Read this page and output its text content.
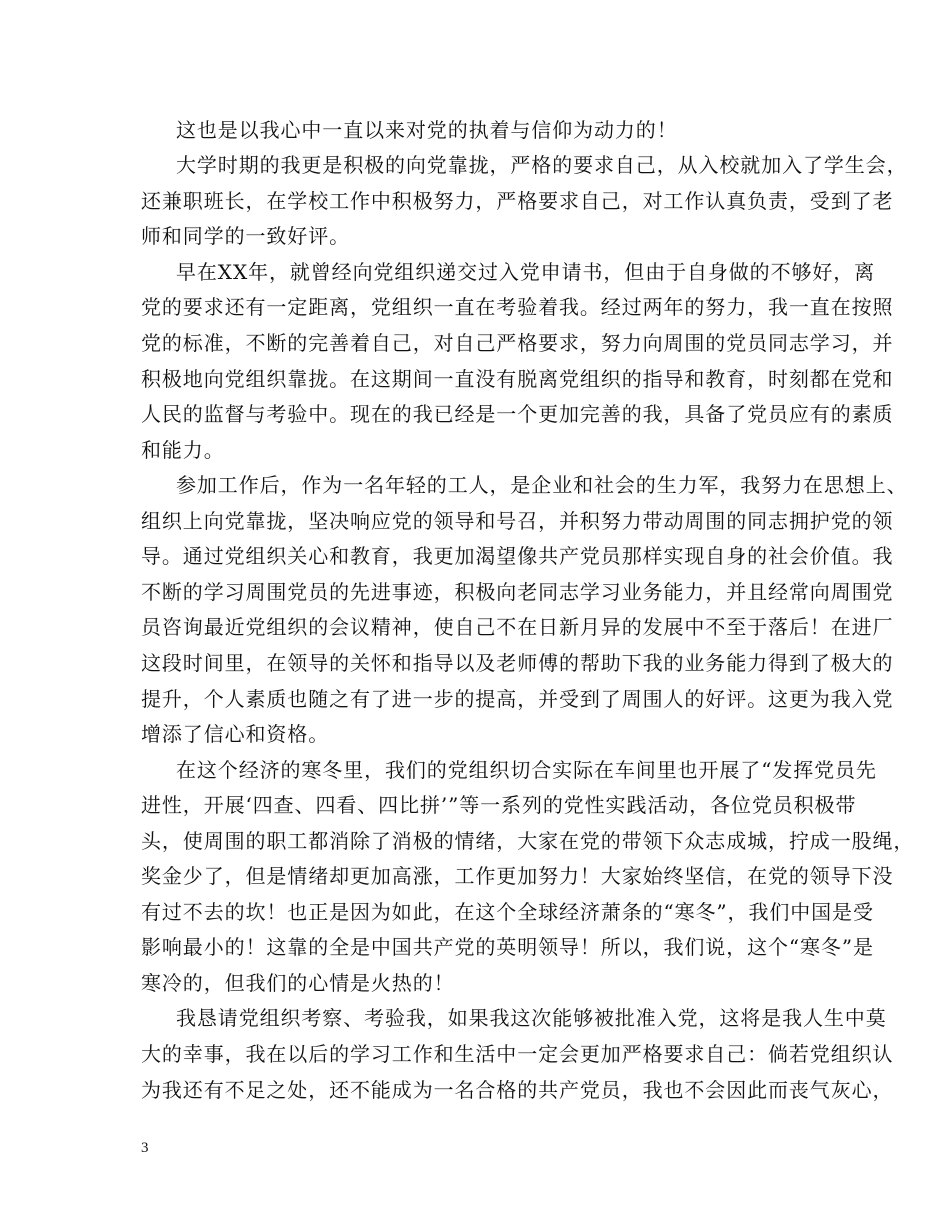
这也是以我心中一直以来对党的执着与信仰为动力的！
大学时期的我更是积极的向党靠拢，严格的要求自己，从入校就加入了学生会，
还兼职班长，在学校工作中积极努力，严格要求自己，对工作认真负责，受到了老
师和同学的一致好评。
早在XX年，就曾经向党组织递交过入党申请书，但由于自身做的不够好，离
党的要求还有一定距离，党组织一直在考验着我。经过两年的努力，我一直在按照
党的标准，不断的完善着自己，对自己严格要求，努力向周围的党员同志学习，并
积极地向党组织靠拢。在这期间一直没有脱离党组织的指导和教育，时刻都在党和
人民的监督与考验中。现在的我已经是一个更加完善的我，具备了党员应有的素质
和能力。
参加工作后，作为一名年轻的工人，是企业和社会的生力军，我努力在思想上、
组织上向党靠拢，坚决响应党的领导和号召，并积努力带动周围的同志拥护党的领
导。通过党组织关心和教育，我更加渴望像共产党员那样实现自身的社会价值。我
不断的学习周围党员的先进事迹，积极向老同志学习业务能力，并且经常向周围党
员咨询最近党组织的会议精神，使自己不在日新月异的发展中不至于落后！在进厂
这段时间里，在领导的关怀和指导以及老师傅的帮助下我的业务能力得到了极大的
提升，个人素质也随之有了进一步的提高，并受到了周围人的好评。这更为我入党
增添了信心和资格。
在这个经济的寒冬里，我们的党组织切合实际在车间里也开展了“发挥党员先
进性，开展‘四查、四看、四比拼’”等一系列的党性实践活动，各位党员积极带
头，使周围的职工都消除了消极的情绪，大家在党的带领下众志成城，拧成一股绳，
奖金少了，但是情绪却更加高涨，工作更加努力！大家始终坚信，在党的领导下没
有过不去的坎！也正是因为如此，在这个全球经济萧条的“寒冬”，我们中国是受
影响最小的！这靠的全是中国共产党的英明领导！所以，我们说，这个“寒冬”是
寒冷的，但我们的心情是火热的！
我恳请党组织考察、考验我，如果我这次能够被批准入党，这将是我人生中莫
大的幸事，我在以后的学习工作和生活中一定会更加严格要求自己：倘若党组织认
为我还有不足之处，还不能成为一名合格的共产党员，我也不会因此而丧气灰心，
3
